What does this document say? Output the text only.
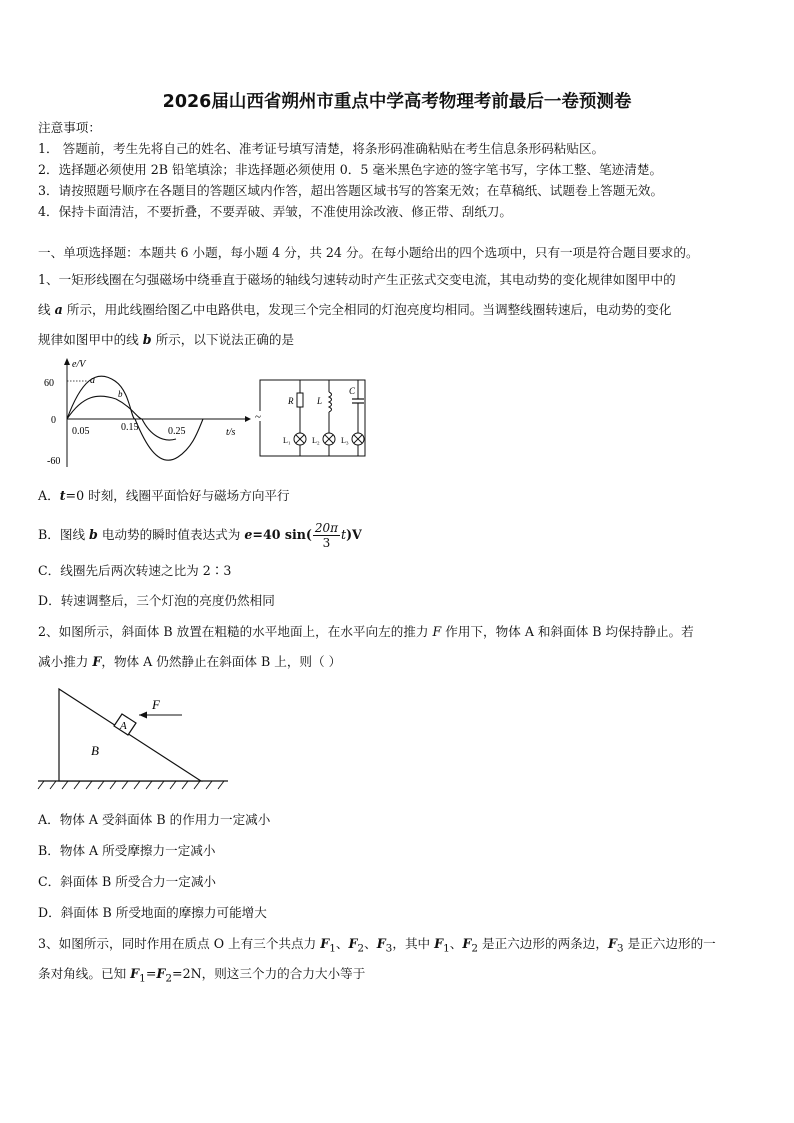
2026届山西省朔州市重点中学高考物理考前最后一卷预测卷
注意事项：
1． 答题前，考生先将自己的姓名、准考证号填写清楚，将条形码准确粘贴在考生信息条形码粘贴区。
2．选择题必须使用 2B 铅笔填涂；非选择题必须使用 0．5 毫米黑色字迹的签字笔书写，字体工整、笔迹清楚。
3．请按照题号顺序在各题目的答题区域内作答，超出答题区域书写的答案无效；在草稿纸、试题卷上答题无效。
4．保持卡面清洁，不要折叠，不要弄破、弄皱，不准使用涂改液、修正带、刮纸刀。
一、单项选择题：本题共 6 小题，每小题 4 分，共 24 分。在每小题给出的四个选项中，只有一项是符合题目要求的。
1、一矩形线圈在匀强磁场中绕垂直于磁场的轴线匀速转动时产生正弦式交变电流，其电动势的变化规律如图甲中的
线 a 所示，用此线圈给图乙中电路供电，发现三个完全相同的灯泡亮度均相同。当调整线圈转速后，电动势的变化
规律如图甲中的线 b 所示，以下说法正确的是
e/V
t/s
60
0
-60
0.05	0.15	0.25
a
b
~
R	L
C
L₁	L₂	L₃
A．t=0 时刻，线圈平面恰好与磁场方向平行
B．图线 b 电动势的瞬时值表达式为 e=40 $\sin( \frac{20\pi}{3} t)V$
C．线圈先后两次转速之比为 2∶3
D．转速调整后，三个灯泡的亮度仍然相同
2、如图所示，斜面体 B 放置在粗糙的水平地面上，在水平向左的推力 F 作用下，物体 A 和斜面体 B 均保持静止。若
减小推力 F，物体 A 仍然静止在斜面体 B 上，则（ ）
B
A
F
A．物体 A 受斜面体 B 的作用力一定减小
B．物体 A 所受摩擦力一定减小
C．斜面体 B 所受合力一定减小
D．斜面体 B 所受地面的摩擦力可能增大
3、如图所示，同时作用在质点 O 上有三个共点力 $F_1$、$F_2$、$F_3$，其中 $F_1$、$F_2$ 是正六边形的两条边，$F_3$ 是正六边形的一
条对角线。已知 $F_1=F_2=2N$，则这三个力的合力大小等于
